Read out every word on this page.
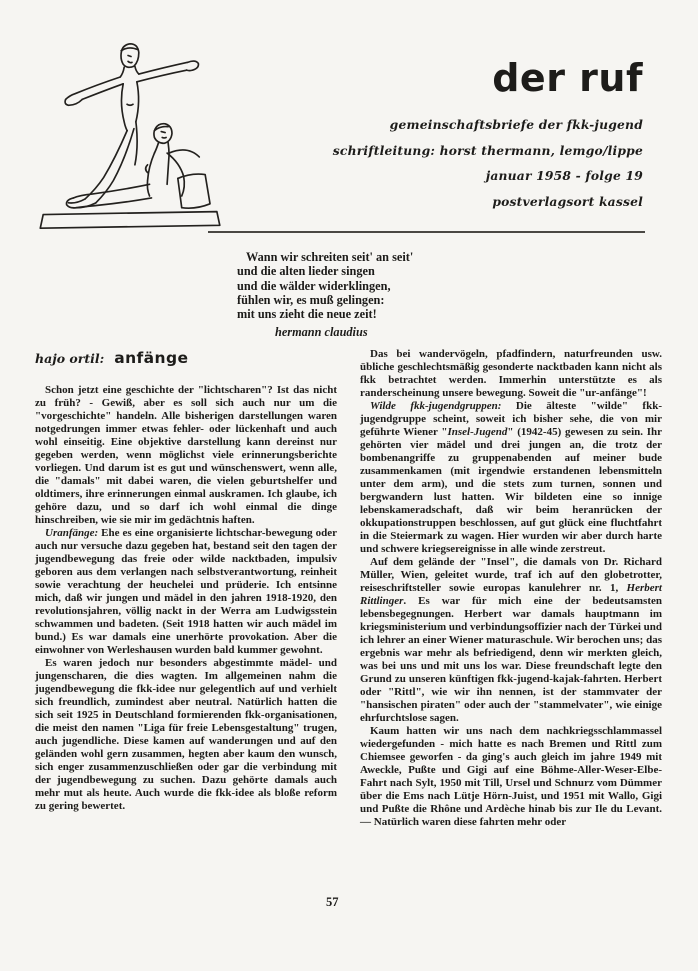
der ruf
gemeinschaftsbriefe der fkk-jugend
schriftleitung: horst thermann, lemgo/lippe
januar 1958 - folge 19
postverlagsort kassel
Wann wir schreiten seit' an seit'
und die alten lieder singen
und die wälder widerklingen,
fühlen wir, es muß gelingen:
mit uns zieht die neue zeit!
hermann claudius
hajo ortil: anfänge

Schon jetzt eine geschichte der "lichtscharen"? Ist das nicht zu früh? - Gewiß, aber es soll sich auch nur um die "vorgeschichte" handeln. Alle bisherigen darstellungen waren notgedrungen immer etwas fehler- oder lückenhaft und auch wohl einseitig. Eine objektive darstellung kann dereinst nur gegeben werden, wenn möglichst viele erinnerungsberichte vorliegen. Und darum ist es gut und wünschenswert, wenn alle, die "damals" mit dabei waren, die vielen geburtshelfer und oldtimers, ihre erinnerungen einmal auskramen. Ich glaube, ich gehöre dazu, und so darf ich wohl einmal die dinge hinschreiben, wie sie mir im gedächtnis haften.

Uranfänge: Ehe es eine organisierte lichtschar-bewegung oder auch nur versuche dazu gegeben hat, bestand seit den tagen der jugendbewegung das freie oder wilde nacktbaden, impulsiv geboren aus dem verlangen nach selbstverantwortung, reinheit sowie verachtung der heuchelei und prüderie. Ich entsinne mich, daß wir jungen und mädel in den jahren 1918-1920, den revolutionsjahren, völlig nackt in der Werra am Ludwigsstein schwammen und badeten. (Seit 1918 hatten wir auch mädel im bund.) Es war damals eine unerhörte provokation. Aber die einwohner von Werleshausen wurden bald kummer gewohnt.

Es waren jedoch nur besonders abgestimmte mädel- und jungenscharen, die dies wagten. Im allgemeinen nahm die jugendbewegung die fkk-idee nur gelegentlich auf und verhielt sich freundlich, zumindest aber neutral. Natürlich hatten die sich seit 1925 in Deutschland formierenden fkk-organisationen, die meist den namen "Liga für freie Lebensgestaltung" trugen, auch jugendliche. Diese kamen auf wanderungen und auf den geländen wohl gern zusammen, hegten aber kaum den wunsch, sich enger zusammenzuschließen oder gar die verbindung mit der jugendbewegung zu suchen. Dazu gehörte damals auch mehr mut als heute. Auch wurde die fkk-idee als bloße reform zu gering bewertet.

Das bei wandervögeln, pfadfindern, naturfreunden usw. übliche geschlechtsmäßig gesonderte nacktbaden kann nicht als fkk betrachtet werden. Immerhin unterstützte es als randerscheinung unsere bewegung. Soweit die "ur-anfänge"!

Wilde fkk-jugendgruppen: Die älteste "wilde" fkk-jugendgruppe scheint, soweit ich bisher sehe, die von mir geführte Wiener "Insel-Jugend" (1942-45) gewesen zu sein. Ihr gehörten vier mädel und drei jungen an, die trotz der bombenangriffe zu gruppenabenden auf meiner bude zusammenkamen (mit irgendwie erstandenen lebensmitteln unter dem arm), und die stets zum turnen, sonnen und bergwandern lust hatten. Wir bildeten eine so innige lebenskameradschaft, daß wir beim heranrücken der okkupationstruppen beschlossen, auf gut glück eine fluchtfahrt in die Steiermark zu wagen. Hier wurden wir aber durch harte und schwere kriegsereignisse in alle winde zerstreut.

Auf dem gelände der "Insel", die damals von Dr. Richard Müller, Wien, geleitet wurde, traf ich auf den globetrotter, reiseschriftsteller sowie europas kanulehrer nr. 1, Herbert Rittlinger. Es war für mich eine der bedeutsamsten lebensbegegnungen. Herbert war damals hauptmann im kriegsministerium und verbindungsoffizier nach der Türkei und ich lehrer an einer Wiener maturaschule. Wir berochen uns; das ergebnis war mehr als befriedigend, denn wir merkten gleich, was bei uns und mit uns los war. Diese freundschaft legte den Grund zu unseren künftigen fkk-jugend-kajak-fahrten. Herbert oder "Rittl", wie wir ihn nennen, ist der stammvater der "hansischen piraten" oder auch der "stammelvater", wie einige ehrfurchtslose sagen.

Kaum hatten wir uns nach dem nachkriegsschlammassel wiedergefunden - mich hatte es nach Bremen und Rittl zum Chiemsee geworfen - da ging's auch gleich im jahre 1949 mit Aweckle, Pußte und Gigi auf eine Böhme-Aller-Weser-Elbe-Fahrt nach Sylt, 1950 mit Till, Ursel und Schnurz vom Dümmer über die Ems nach Lütje Hörn-Juist, und 1951 mit Wallo, Gigi und Pußte die Rhône und Ardèche hinab bis zur Ile du Levant. — Natürlich waren diese fahrten mehr oder

57
